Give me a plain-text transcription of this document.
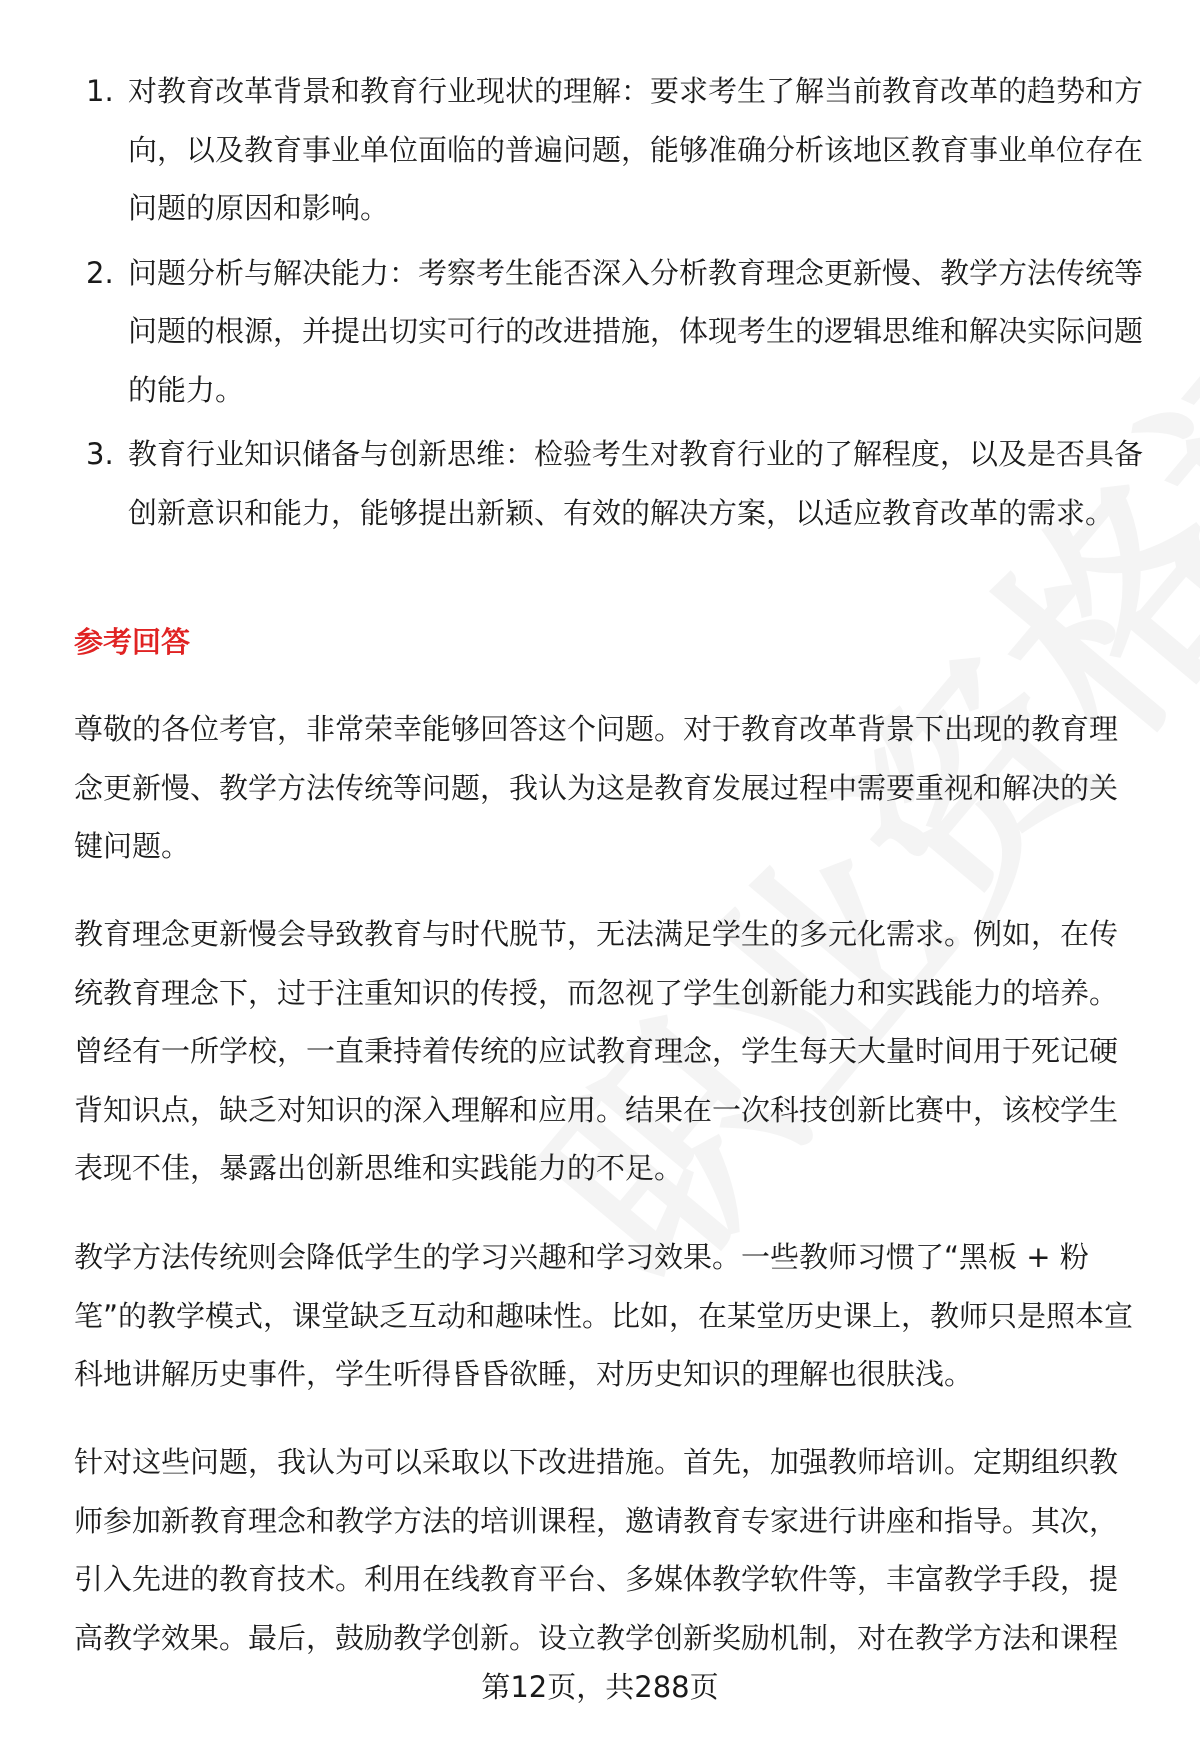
1. 对教育改革背景和教育行业现状的理解：要求考生了解当前教育改革的趋势和方向，以及教育事业单位面临的普遍问题，能够准确分析该地区教育事业单位存在问题的原因和影响。
2. 问题分析与解决能力：考察考生能否深入分析教育理念更新慢、教学方法传统等问题的根源，并提出切实可行的改进措施，体现考生的逻辑思维和解决实际问题的能力。
3. 教育行业知识储备与创新思维：检验考生对教育行业的了解程度，以及是否具备创新意识和能力，能够提出新颖、有效的解决方案，以适应教育改革的需求。
参考回答

尊敬的各位考官，非常荣幸能够回答这个问题。对于教育改革背景下出现的教育理念更新慢、教学方法传统等问题，我认为这是教育发展过程中需要重视和解决的关键问题。

教育理念更新慢会导致教育与时代脱节，无法满足学生的多元化需求。例如，在传统教育理念下，过于注重知识的传授，而忽视了学生创新能力和实践能力的培养。曾经有一所学校，一直秉持着传统的应试教育理念，学生每天大量时间用于死记硬背知识点，缺乏对知识的深入理解和应用。结果在一次科技创新比赛中，该校学生表现不佳，暴露出创新思维和实践能力的不足。

教学方法传统则会降低学生的学习兴趣和学习效果。一些教师习惯了“黑板 + 粉笔”的教学模式，课堂缺乏互动和趣味性。比如，在某堂历史课上，教师只是照本宣科地讲解历史事件，学生听得昏昏欲睡，对历史知识的理解也很肤浅。

针对这些问题，我认为可以采取以下改进措施。首先，加强教师培训。定期组织教师参加新教育理念和教学方法的培训课程，邀请教育专家进行讲座和指导。其次，引入先进的教育技术。利用在线教育平台、多媒体教学软件等，丰富教学手段，提高教学效果。最后，鼓励教学创新。设立教学创新奖励机制，对在教学方法和课程

第12页，共288页
